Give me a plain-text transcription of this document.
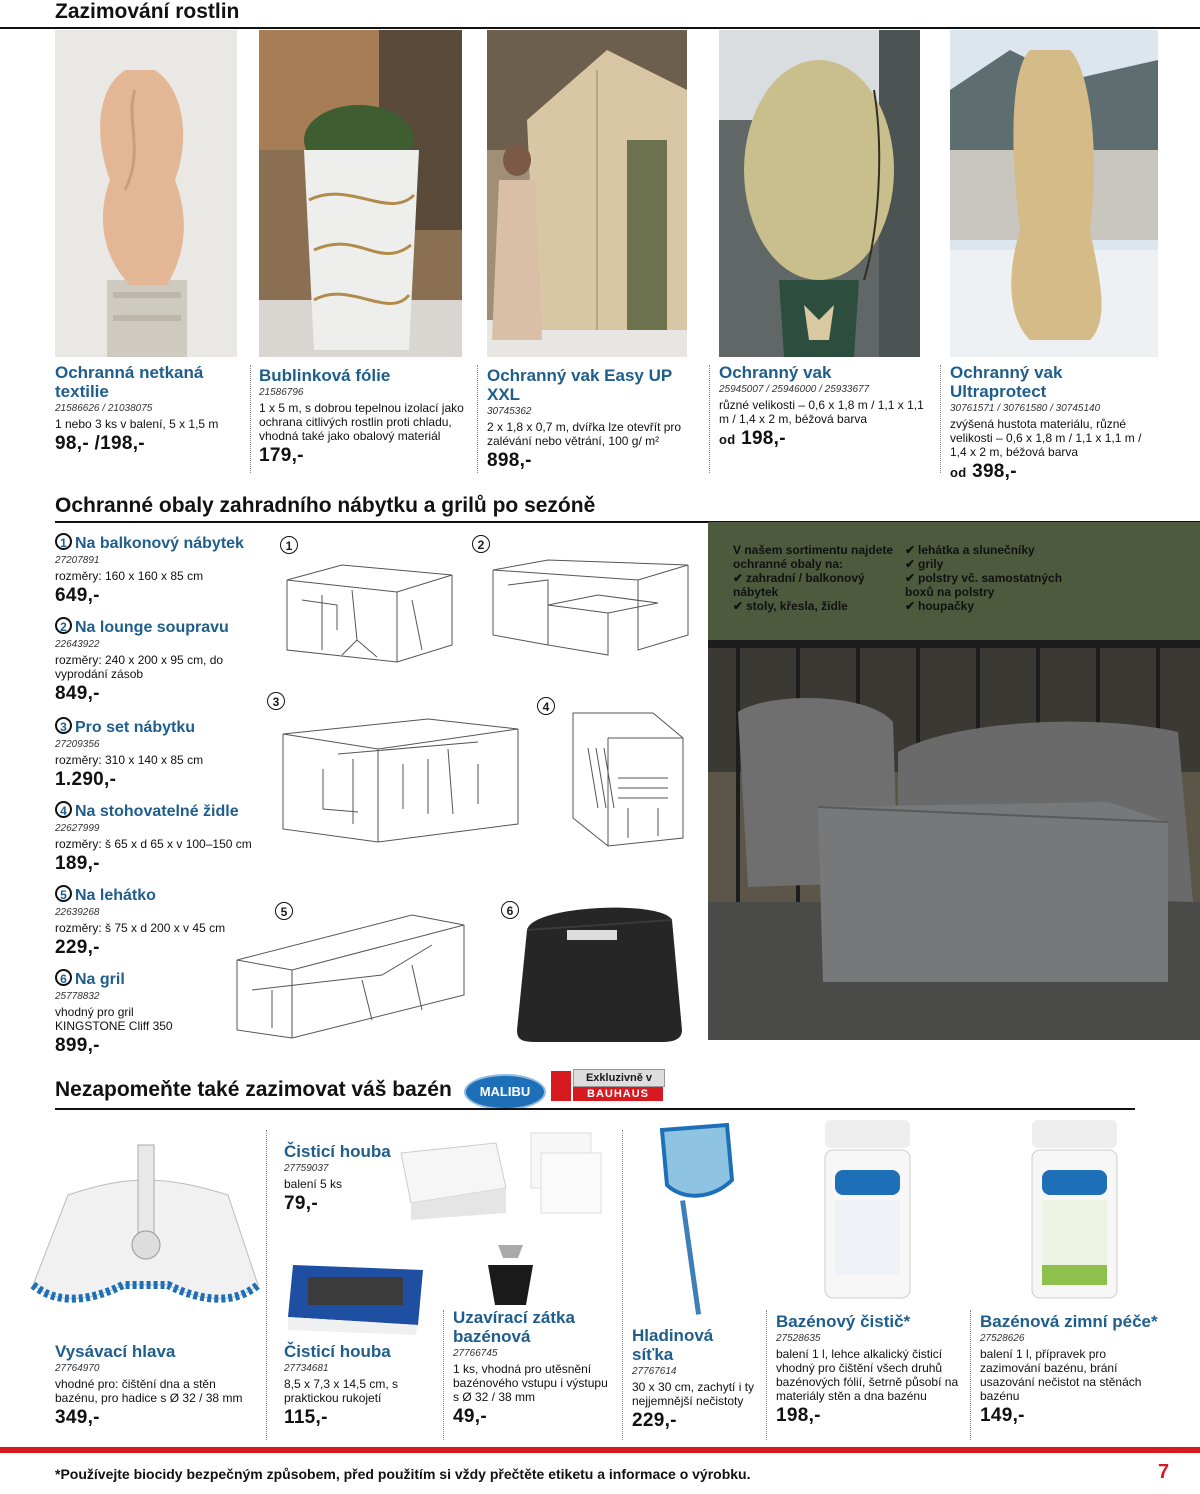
Zazimování rostlin
Ochranná netkaná textilie
21586626 / 21038075
1 nebo 3 ks v balení, 5 x 1,5 m
98,- /198,-
Bublinková fólie
21586796
1 x 5 m, s dobrou tepelnou izolací jako ochrana citlivých rostlin proti chladu, vhodná také jako obalový materiál
179,-
Ochranný vak Easy UP XXL
30745362
2 x 1,8 x 0,7 m, dvířka lze otevřít pro zalévání nebo větrání, 100 g/ m²
898,-
Ochranný vak
25945007 / 25946000 / 25933677
různé velikosti – 0,6 x 1,8 m / 1,1 x 1,1 m / 1,4 x 2 m, béžová barva
od 198,-
Ochranný vak Ultraprotect
30761571 / 30761580 / 30745140
zvýšená hustota materiálu, různé velikosti – 0,6 x 1,8 m / 1,1 x 1,1 m / 1,4 x 2 m, béžová barva
od 398,-
Ochranné obaly zahradního nábytku a grilů po sezóně
1 Na balkonový nábytek
27207891
rozměry: 160 x 160 x 85 cm
649,-
2 Na lounge soupravu
22643922
rozměry: 240 x 200 x 95 cm, do vyprodání zásob
849,-
3 Pro set nábytku
27209356
rozměry: 310 x 140 x 85 cm
1.290,-
4 Na stohovatelné židle
22627999
rozměry: š 65 x d 65 x v 100–150 cm
189,-
5 Na lehátko
22639268
rozměry: š 75 x d 200 x v 45 cm
229,-
6 Na gril
25778832
vhodný pro gril KINGSTONE Cliff 350
899,-
1	2
3	4
5	6
V našem sortimentu najdete ochranné obaly na:
✔ zahradní / balkonový nábytek
✔ stoly, křesla, židle
✔ lehátka a slunečníky
✔ grily
✔ polstry vč. samostatných boxů na polstry
✔ houpačky
Nezapomeňte také zazimovat váš bazén	MALIBU
Exkluzivně v
BAUHAUS
Vysávací hlava
27764970
vhodné pro: čištění dna a stěn bazénu, pro hadice s Ø 32 / 38 mm
349,-
Čisticí houba
27759037
balení 5 ks
79,-
Čisticí houba
27734681
8,5 x 7,3 x 14,5 cm, s praktickou rukojetí
115,-
Uzavírací zátka bazénová
27766745
1 ks, vhodná pro utěsnění bazénového vstupu i výstupu s Ø 32 / 38 mm
49,-
Hladinová síťka
27767614
30 x 30 cm, zachytí i ty nejjemnější nečistoty
229,-
Bazénový čistič*
27528635
balení 1 l, lehce alkalický čisticí vhodný pro čištění všech druhů bazénových fólií, šetrně působí na materiály stěn a dna bazénu
198,-
Bazénová zimní péče*
27528626
balení 1 l, přípravek pro zazimování bazénu, brání usazování nečistot na stěnách bazénu
149,-
*Používejte biocidy bezpečným způsobem, před použitím si vždy přečtěte etiketu a informace o výrobku.	7
